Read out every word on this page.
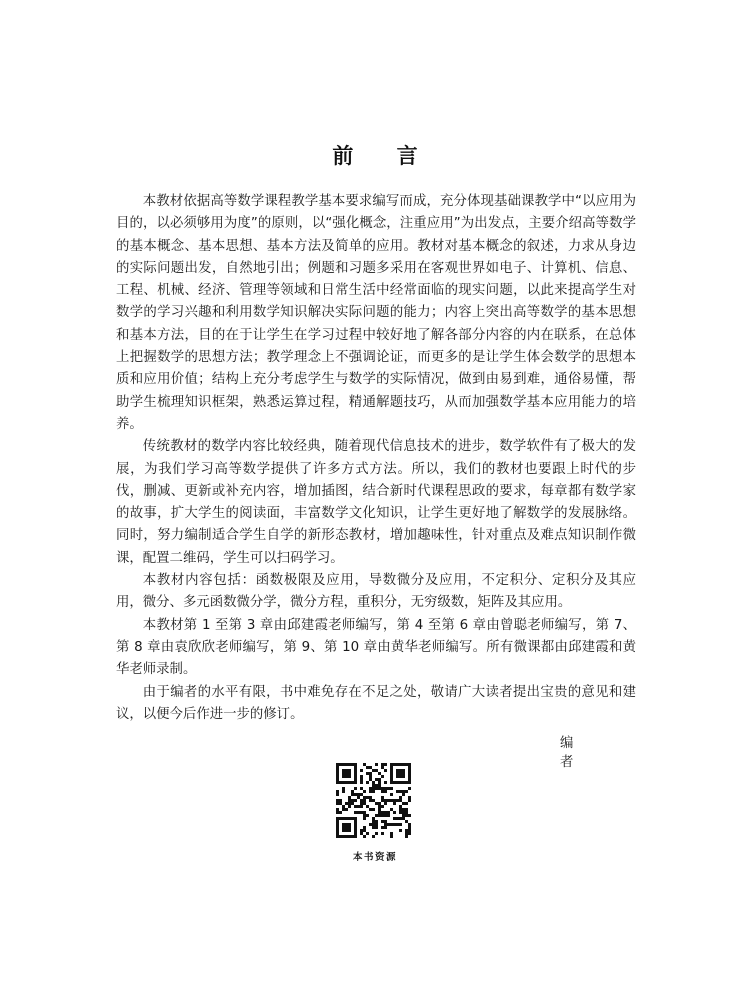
前 言

本教材依据高等数学课程教学基本要求编写而成，充分体现基础课教学中“以应用为目的，以必须够用为度”的原则，以“强化概念，注重应用”为出发点，主要介绍高等数学的基本概念、基本思想、基本方法及简单的应用。教材对基本概念的叙述，力求从身边的实际问题出发，自然地引出；例题和习题多采用在客观世界如电子、计算机、信息、工程、机械、经济、管理等领域和日常生活中经常面临的现实问题，以此来提高学生对数学的学习兴趣和利用数学知识解决实际问题的能力；内容上突出高等数学的基本思想和基本方法，目的在于让学生在学习过程中较好地了解各部分内容的内在联系，在总体上把握数学的思想方法；教学理念上不强调论证，而更多的是让学生体会数学的思想本质和应用价值；结构上充分考虑学生与数学的实际情况，做到由易到难，通俗易懂，帮助学生梳理知识框架，熟悉运算过程，精通解题技巧，从而加强数学基本应用能力的培养。

传统教材的数学内容比较经典，随着现代信息技术的进步，数学软件有了极大的发展，为我们学习高等数学提供了许多方式方法。所以，我们的教材也要跟上时代的步伐，删减、更新或补充内容，增加插图，结合新时代课程思政的要求，每章都有数学家的故事，扩大学生的阅读面，丰富数学文化知识，让学生更好地了解数学的发展脉络。同时，努力编制适合学生自学的新形态教材，增加趣味性，针对重点及难点知识制作微课，配置二维码，学生可以扫码学习。

本教材内容包括：函数极限及应用，导数微分及应用，不定积分、定积分及其应用，微分、多元函数微分学，微分方程，重积分，无穷级数，矩阵及其应用。

本教材第 1 至第 3 章由邱建霞老师编写，第 4 至第 6 章由曾聪老师编写，第 7、第 8 章由袁欣欣老师编写，第 9、第 10 章由黄华老师编写。所有微课都由邱建霞和黄华老师录制。

由于编者的水平有限，书中难免存在不足之处，敬请广大读者提出宝贵的意见和建议，以便今后作进一步的修订。

编 者
本书资源
